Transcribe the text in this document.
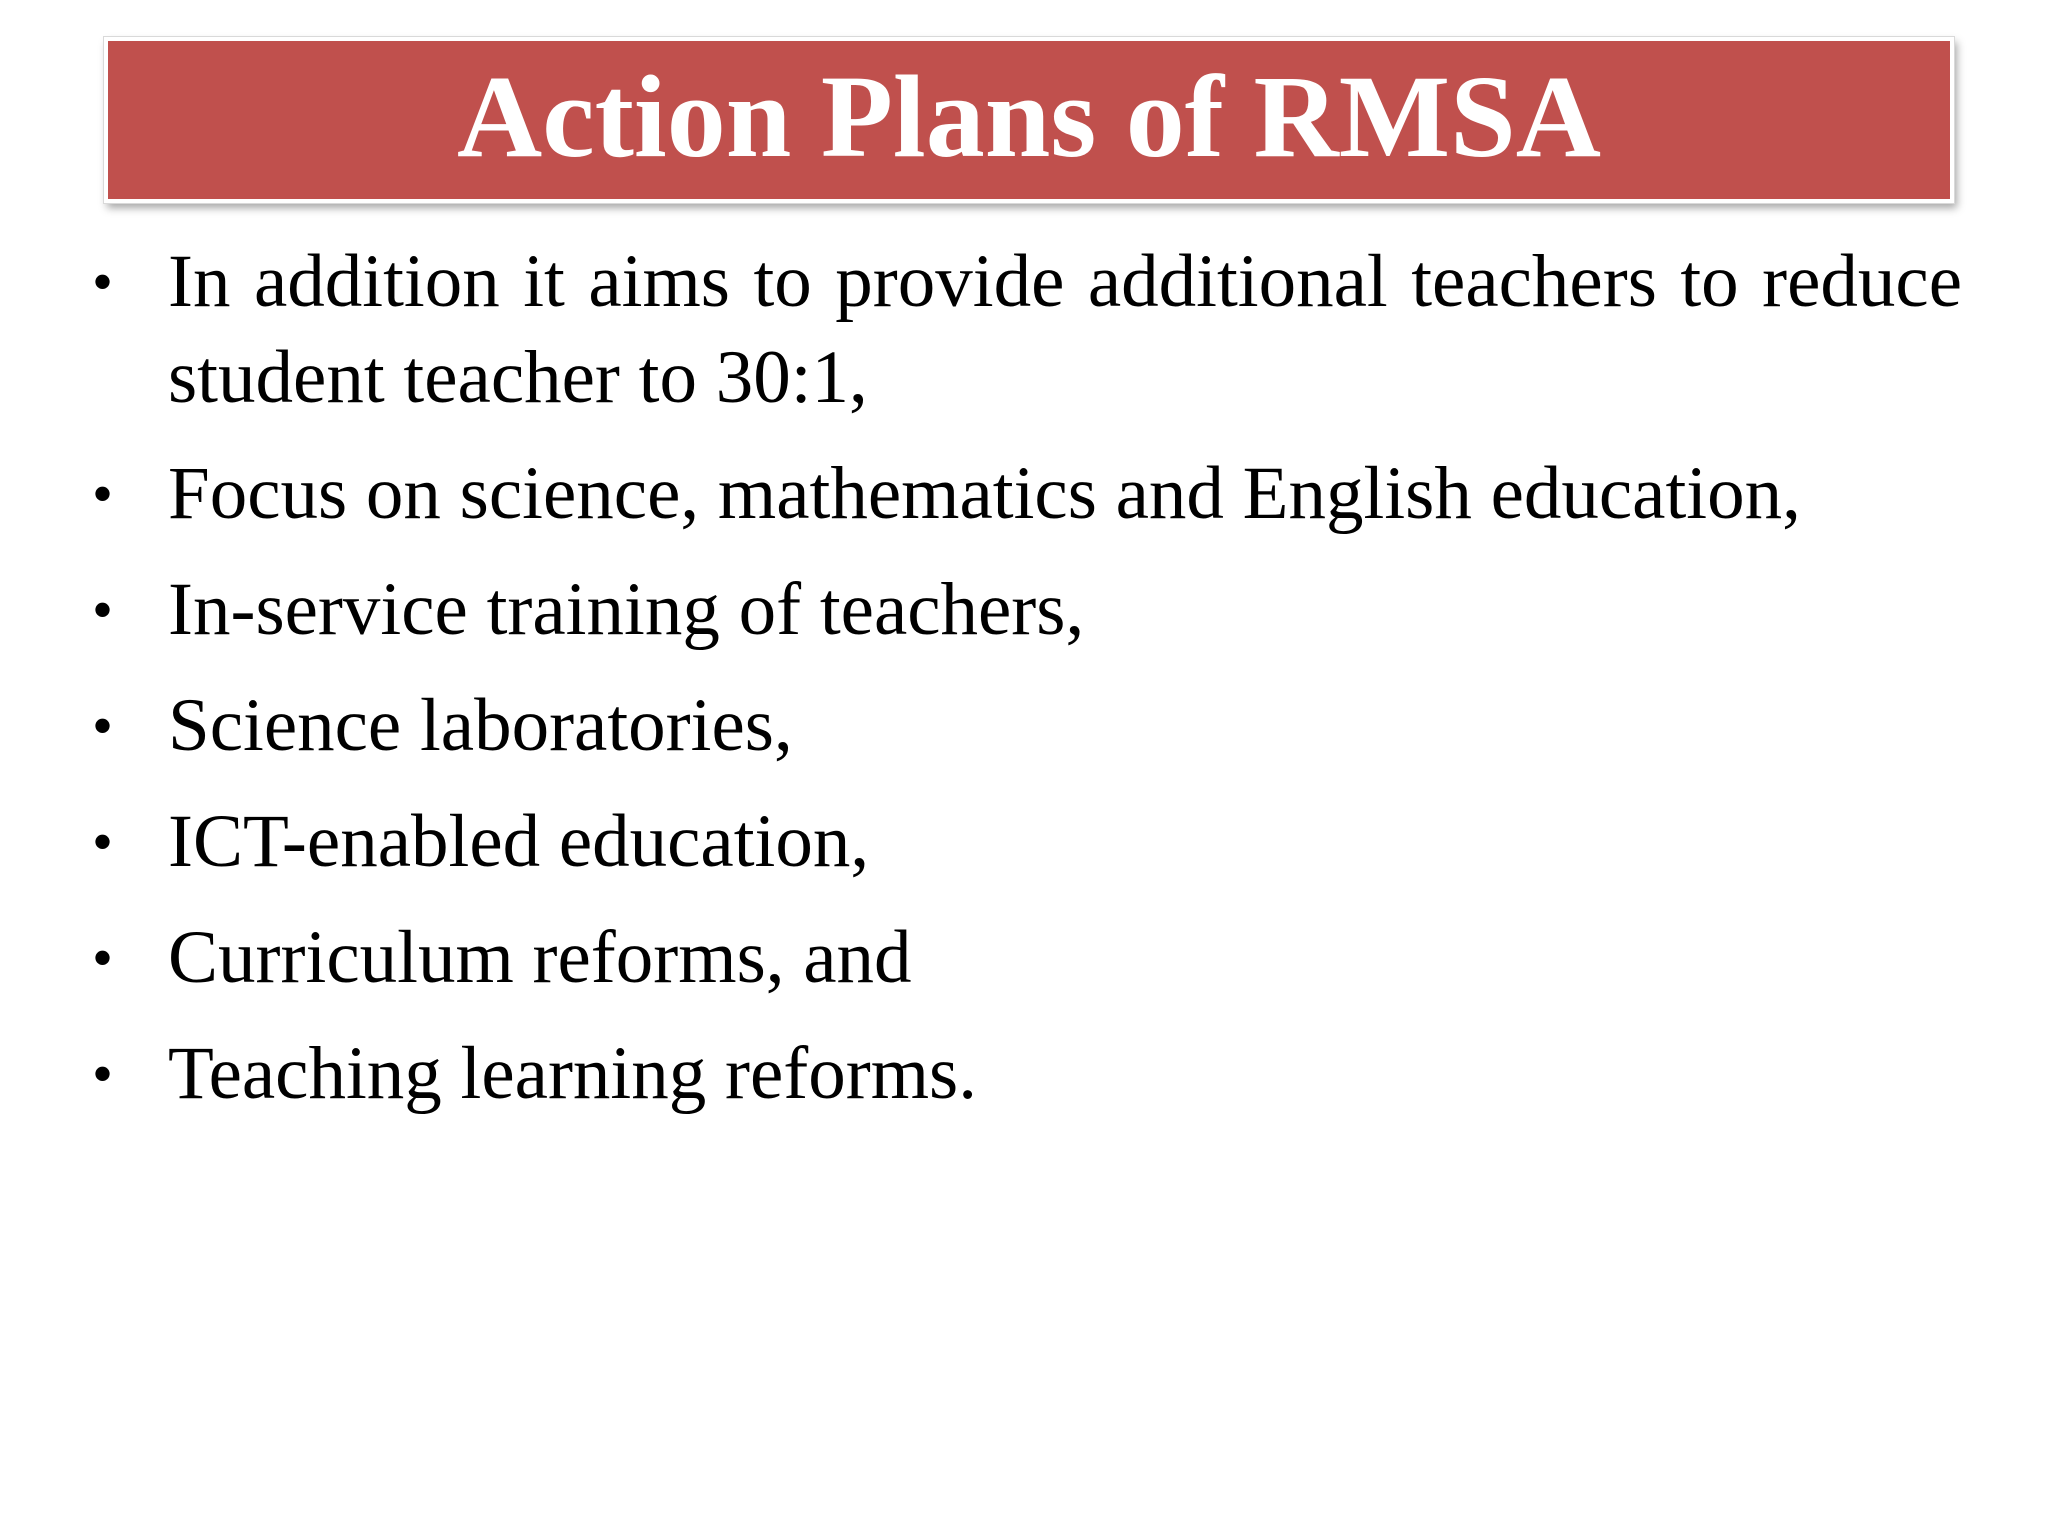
Action Plans of RMSA
• In addition it aims to provide additional teachers to reduce student teacher to 30:1,
• Focus on science, mathematics and English education,
• In-service training of teachers,
• Science laboratories,
• ICT-enabled education,
• Curriculum reforms, and
• Teaching learning reforms.
